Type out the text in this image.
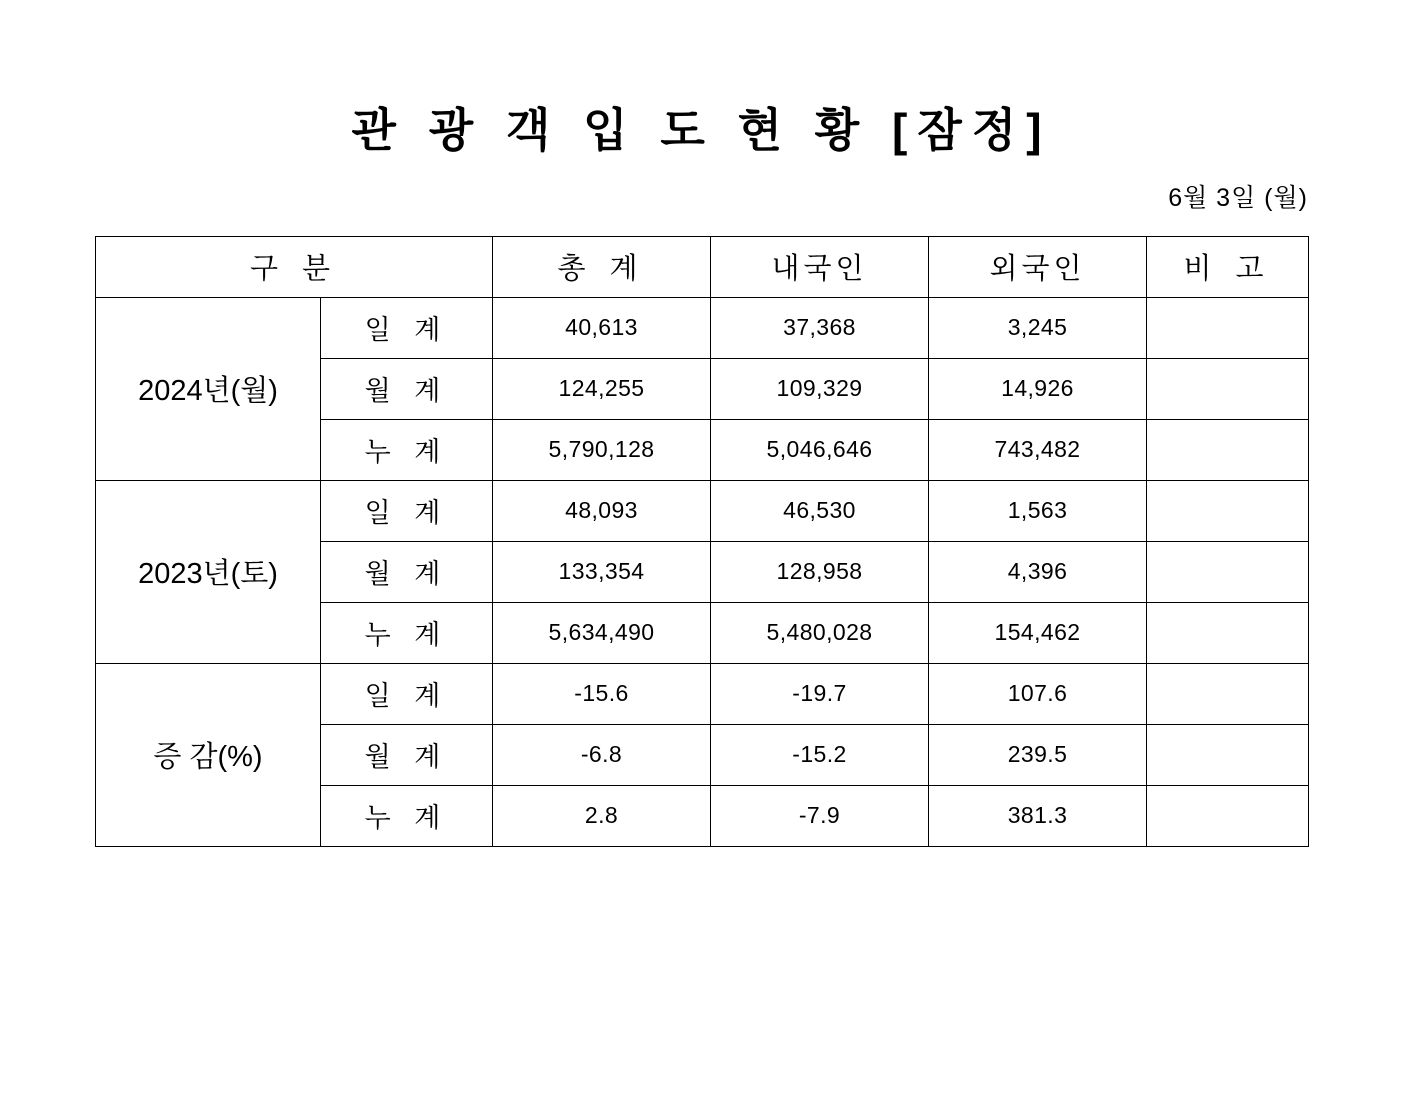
관 광 객 입 도 현 황 [잠정]
6월 3일 (월)
구 분		총 계	내국인	외국인	비 고
2024년(월)	일 계	40,613	37,368	3,245	
	월 계	124,255	109,329	14,926	
	누 계	5,790,128	5,046,646	743,482	
2023년(토)	일 계	48,093	46,530	1,563	
	월 계	133,354	128,958	4,396	
	누 계	5,634,490	5,480,028	154,462	
증 감(%)	일 계	-15.6	-19.7	107.6	
	월 계	-6.8	-15.2	239.5	
	누 계	2.8	-7.9	381.3	
